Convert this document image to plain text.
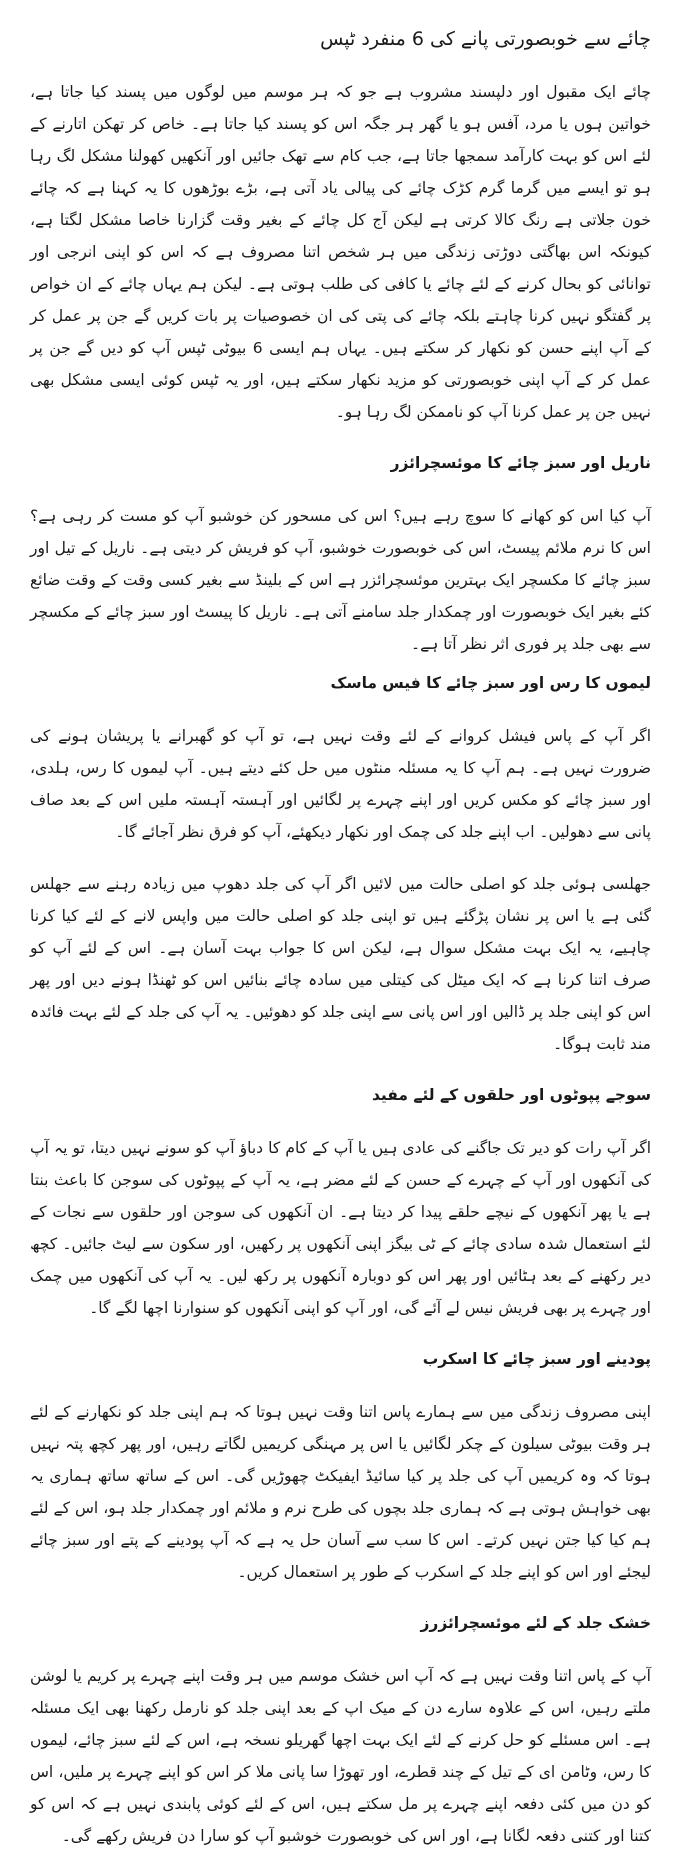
چائے سے خوبصورتی پانے کی 6 منفرد ٹپس

چائے ایک مقبول اور دلپسند مشروب ہے جو کہ ہر موسم میں لوگوں میں پسند کیا جاتا ہے، خواتین ہوں یا مرد، آفس ہو یا گھر ہر جگہ اس کو پسند کیا جاتا ہے۔ خاص کر تھکن اتارنے کے لئے اس کو بہت کارآمد سمجھا جاتا ہے، جب کام سے تھک جائیں اور آنکھیں کھولنا مشکل لگ رہا ہو تو ایسے میں گرما گرم کڑک چائے کی پیالی یاد آتی ہے، بڑے بوڑھوں کا یہ کہنا ہے کہ چائے خون جلاتی ہے رنگ کالا کرتی ہے لیکن آج کل چائے کے بغیر وقت گزارنا خاصا مشکل لگتا ہے، کیونکہ اس بھاگتی دوڑتی زندگی میں ہر شخص اتنا مصروف ہے کہ اس کو اپنی انرجی اور توانائی کو بحال کرنے کے لئے چائے یا کافی کی طلب ہوتی ہے۔ لیکن ہم یہاں چائے کے ان خواص پر گفتگو نہیں کرنا چاہتے بلکہ چائے کی پتی کی ان خصوصیات پر بات کریں گے جن پر عمل کر کے آپ اپنے حسن کو نکھار کر سکتے ہیں۔ یہاں ہم ایسی 6 بیوٹی ٹپس آپ کو دیں گے جن پر عمل کر کے آپ اپنی خوبصورتی کو مزید نکھار سکتے ہیں، اور یہ ٹپس کوئی ایسی مشکل بھی نہیں جن پر عمل کرنا آپ کو ناممکن لگ رہا ہو۔

ناریل اور سبز چائے کا موئسچرائزر

آپ کیا اس کو کھانے کا سوچ رہے ہیں؟ اس کی مسحور کن خوشبو آپ کو مست کر رہی ہے؟ اس کا نرم ملائم پیسٹ، اس کی خوبصورت خوشبو، آپ کو فریش کر دیتی ہے۔ ناریل کے تیل اور سبز چائے کا مکسچر ایک بہترین موئسچرائزر ہے اس کے بلینڈ سے بغیر کسی وقت کے وقت ضائع کئے بغیر ایک خوبصورت اور چمکدار جلد سامنے آتی ہے۔ ناریل کا پیسٹ اور سبز چائے کے مکسچر سے بھی جلد پر فوری اثر نظر آتا ہے۔

لیموں کا رس اور سبز چائے کا فیس ماسک

اگر آپ کے پاس فیشل کروانے کے لئے وقت نہیں ہے، تو آپ کو گھبرانے یا پریشان ہونے کی ضرورت نہیں ہے۔ ہم آپ کا یہ مسئلہ منٹوں میں حل کئے دیتے ہیں۔ آپ لیموں کا رس، ہلدی، اور سبز چائے کو مکس کریں اور اپنے چہرے پر لگائیں اور آہستہ آہستہ ملیں اس کے بعد صاف پانی سے دھولیں۔ اب اپنے جلد کی چمک اور نکھار دیکھئے، آپ کو فرق نظر آجائے گا۔

جھلسی ہوئی جلد کو اصلی حالت میں لائیں اگر آپ کی جلد دھوپ میں زیادہ رہنے سے جھلس گئی ہے یا اس پر نشان پڑگئے ہیں تو اپنی جلد کو اصلی حالت میں واپس لانے کے لئے کیا کرنا چاہیے، یہ ایک بہت مشکل سوال ہے، لیکن اس کا جواب بہت آسان ہے۔ اس کے لئے آپ کو صرف اتنا کرنا ہے کہ ایک میٹل کی کیتلی میں سادہ چائے بنائیں اس کو ٹھنڈا ہونے دیں اور پھر اس کو اپنی جلد پر ڈالیں اور اس پانی سے اپنی جلد کو دھوئیں۔ یہ آپ کی جلد کے لئے بہت فائدہ مند ثابت ہوگا۔

سوجے پپوٹوں اور حلقوں کے لئے مفید

اگر آپ رات کو دیر تک جاگنے کی عادی ہیں یا آپ کے کام کا دباؤ آپ کو سونے نہیں دیتا، تو یہ آپ کی آنکھوں اور آپ کے چہرے کے حسن کے لئے مضر ہے، یہ آپ کے پپوٹوں کی سوجن کا باعث بنتا ہے یا پھر آنکھوں کے نیچے حلقے پیدا کر دیتا ہے۔ ان آنکھوں کی سوجن اور حلقوں سے نجات کے لئے استعمال شدہ سادی چائے کے ٹی بیگز اپنی آنکھوں پر رکھیں، اور سکون سے لیٹ جائیں۔ کچھ دیر رکھنے کے بعد ہٹائیں اور پھر اس کو دوبارہ آنکھوں پر رکھ لیں۔ یہ آپ کی آنکھوں میں چمک اور چہرے پر بھی فریش نیس لے آئے گی، اور آپ کو اپنی آنکھوں کو سنوارنا اچھا لگے گا۔

پودینے اور سبز چائے کا اسکرب

اپنی مصروف زندگی میں سے ہمارے پاس اتنا وقت نہیں ہوتا کہ ہم اپنی جلد کو نکھارنے کے لئے ہر وقت بیوٹی سیلون کے چکر لگائیں یا اس پر مہنگی کریمیں لگاتے رہیں، اور پھر کچھ پتہ نہیں ہوتا کہ وہ کریمیں آپ کی جلد پر کیا سائیڈ ایفیکٹ چھوڑیں گی۔ اس کے ساتھ ساتھ ہماری یہ بھی خواہش ہوتی ہے کہ ہماری جلد بچوں کی طرح نرم و ملائم اور چمکدار جلد ہو، اس کے لئے ہم کیا کیا جتن نہیں کرتے۔ اس کا سب سے آسان حل یہ ہے کہ آپ پودینے کے پتے اور سبز چائے لیجئے اور اس کو اپنے جلد کے اسکرب کے طور پر استعمال کریں۔

خشک جلد کے لئے موئسچرائزرز

آپ کے پاس اتنا وقت نہیں ہے کہ آپ اس خشک موسم میں ہر وقت اپنے چہرے پر کریم یا لوشن ملتے رہیں، اس کے علاوہ سارے دن کے میک اپ کے بعد اپنی جلد کو نارمل رکھنا بھی ایک مسئلہ ہے۔ اس مسئلے کو حل کرنے کے لئے ایک بہت اچھا گھریلو نسخہ ہے، اس کے لئے سبز چائے، لیموں کا رس، وٹامن ای کے تیل کے چند قطرے، اور تھوڑا سا پانی ملا کر اس کو اپنے چہرے پر ملیں، اس کو دن میں کئی دفعہ اپنے چہرے پر مل سکتے ہیں، اس کے لئے کوئی پابندی نہیں ہے کہ اس کو کتنا اور کتنی دفعہ لگانا ہے، اور اس کی خوبصورت خوشبو آپ کو سارا دن فریش رکھے گی۔
